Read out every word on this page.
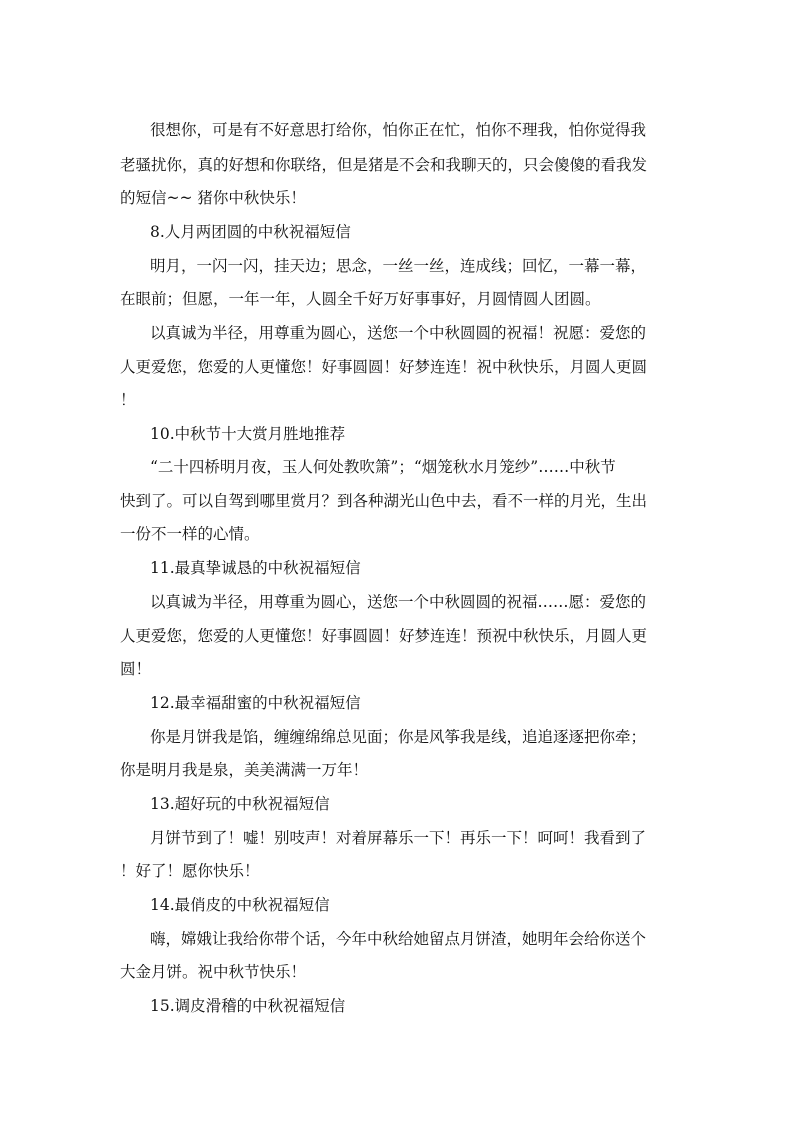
很想你，可是有不好意思打给你，怕你正在忙，怕你不理我，怕你觉得我
老骚扰你，真的好想和你联络，但是猪是不会和我聊天的，只会傻傻的看我发
的短信~~ 猪你中秋快乐！
8.人月两团圆的中秋祝福短信
明月，一闪一闪，挂天边；思念，一丝一丝，连成线；回忆，一幕一幕，
在眼前；但愿，一年一年，人圆全千好万好事事好，月圆情圆人团圆。
以真诚为半径，用尊重为圆心，送您一个中秋圆圆的祝福！祝愿：爱您的
人更爱您，您爱的人更懂您！好事圆圆！好梦连连！祝中秋快乐，月圆人更圆
！
10.中秋节十大赏月胜地推荐
“二十四桥明月夜，玉人何处教吹箫”；“烟笼秋水月笼纱”……中秋节
快到了。可以自驾到哪里赏月？到各种湖光山色中去，看不一样的月光，生出
一份不一样的心情。
11.最真挚诚恳的中秋祝福短信
以真诚为半径，用尊重为圆心，送您一个中秋圆圆的祝福……愿：爱您的
人更爱您，您爱的人更懂您！好事圆圆！好梦连连！预祝中秋快乐，月圆人更
圆！
12.最幸福甜蜜的中秋祝福短信
你是月饼我是馅，缠缠绵绵总见面；你是风筝我是线，追追逐逐把你牵；
你是明月我是泉，美美满满一万年！
13.超好玩的中秋祝福短信
月饼节到了！嘘！别吱声！对着屏幕乐一下！再乐一下！呵呵！我看到了
！好了！愿你快乐！
14.最俏皮的中秋祝福短信
嗨，嫦娥让我给你带个话，今年中秋给她留点月饼渣，她明年会给你送个
大金月饼。祝中秋节快乐！
15.调皮滑稽的中秋祝福短信
